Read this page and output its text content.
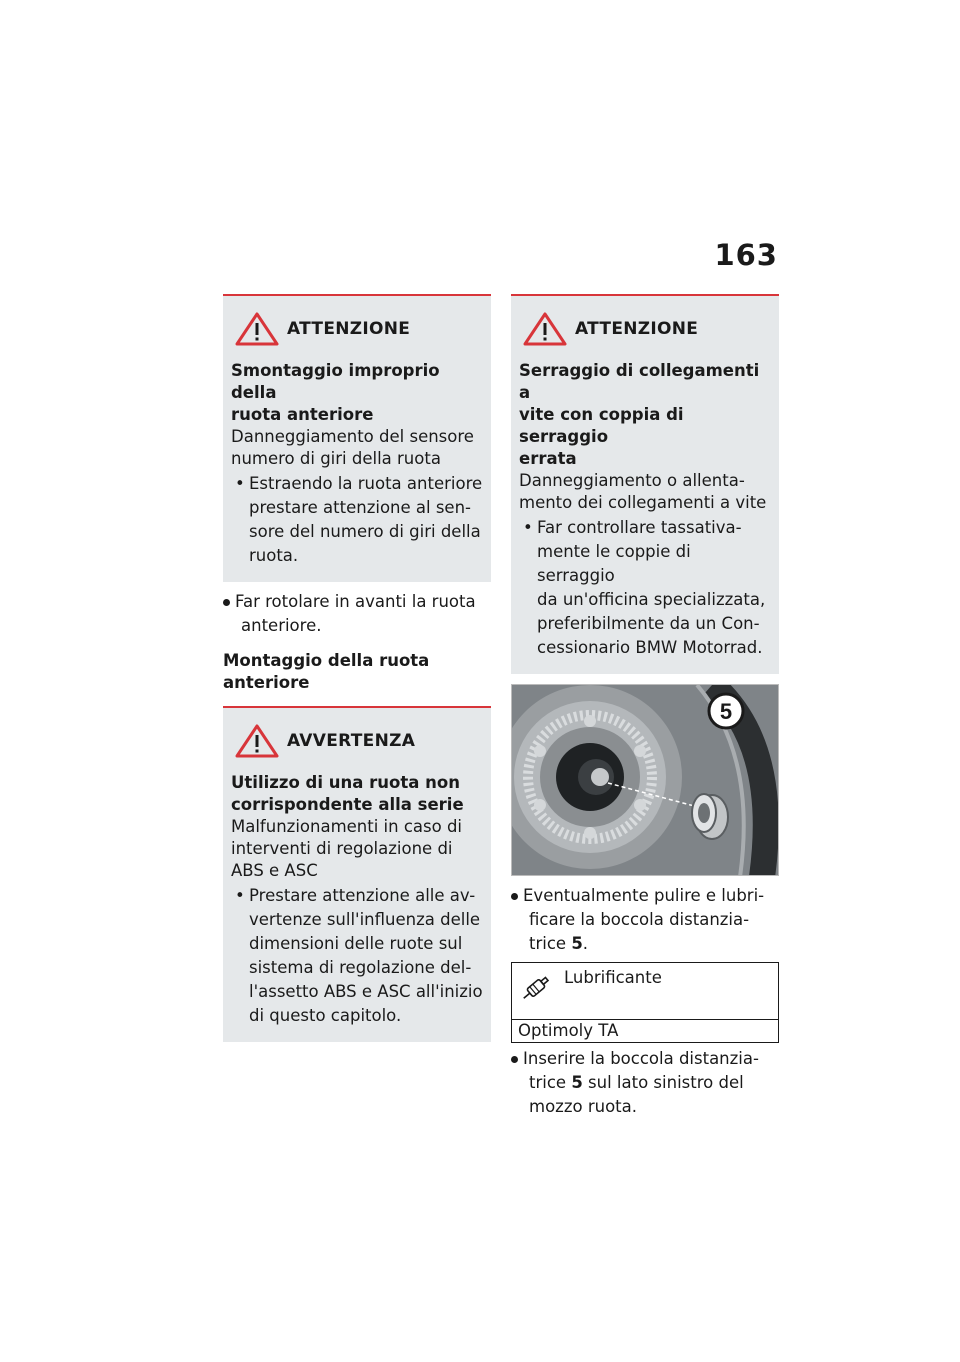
163
ATTENZIONE
Smontaggio improprio della
ruota anteriore
Danneggiamento del sensore
numero di giri della ruota
• Estraendo la ruota anteriore
prestare attenzione al sen-
sore del numero di giri della
ruota.
Far rotolare in avanti la ruota
anteriore.
Montaggio della ruota
anteriore
AVVERTENZA
Utilizzo di una ruota non
corrispondente alla serie
Malfunzionamenti in caso di
interventi di regolazione di
ABS e ASC
• Prestare attenzione alle av-
vertenze sull'influenza delle
dimensioni delle ruote sul
sistema di regolazione del-
l'assetto ABS e ASC all'inizio
di questo capitolo.
ATTENZIONE
Serraggio di collegamenti a
vite con coppia di serraggio
errata
Danneggiamento o allenta-
mento dei collegamenti a vite
• Far controllare tassativa-
mente le coppie di serraggio
da un'officina specializzata,
preferibilmente da un Con-
cessionario BMW Motorrad.
5
Eventualmente pulire e lubri-
ficare la boccola distanzia-
trice 5.
Lubrificante
Optimoly TA
Inserire la boccola distanzia-
trice 5 sul lato sinistro del
mozzo ruota.
